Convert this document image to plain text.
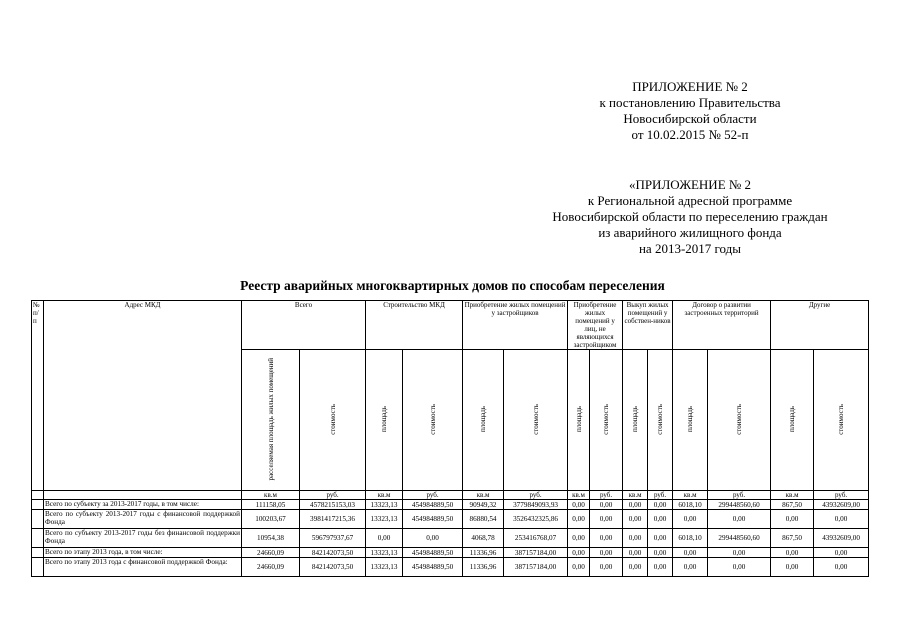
ПРИЛОЖЕНИЕ № 2
к постановлению Правительства
Новосибирской области
от 10.02.2015 № 52-п
«ПРИЛОЖЕНИЕ № 2
к Региональной адресной программе
Новосибирской области по переселению граждан
из аварийного жилищного фонда
на 2013-2017 годы
Реестр аварийных многоквартирных домов по способам переселения
№ п/п	Адрес МКД	Всего		Строительство МКД		Приобретение жилых помещений у застройщиков		Приобретение жилых помещений у лиц, не являющихся застройщиком		Выкуп жилых помещений у собствен-ников		Договор о развитии застроенных территорий		Другие	
		расселяемая площадь жилых помещений	стоимость	площадь	стоимость	площадь	стоимость	площадь	стоимость	площадь	стоимость	площадь	стоимость	площадь	стоимость
		кв.м	руб.	кв.м	руб.	кв.м	руб.	кв.м	руб.	кв.м	руб.	кв.м	руб.	кв.м	руб.
	Всего по субъекту за 2013-2017 годы, в том числе:	111158,05	4578215153,03	13323,13	454984889,50	90949,32	3779849093,93	0,00	0,00	0,00	0,00	6018,10	299448560,60	867,50	43932609,00
	Всего по субъекту 2013-2017 годы с финансовой поддержкой Фонда	100203,67	3981417215,36	13323,13	454984889,50	86880,54	3526432325,86	0,00	0,00	0,00	0,00	0,00	0,00	0,00	0,00
	Всего по субъекту 2013-2017 годы без финансовой поддержки Фонда	10954,38	596797937,67	0,00	0,00	4068,78	253416768,07	0,00	0,00	0,00	0,00	6018,10	299448560,60	867,50	43932609,00
	Всего по этапу 2013 года, в том числе:	24660,09	842142073,50	13323,13	454984889,50	11336,96	387157184,00	0,00	0,00	0,00	0,00	0,00	0,00	0,00	0,00
	Всего по этапу 2013 года с финансовой поддержкой Фонда:	24660,09	842142073,50	13323,13	454984889,50	11336,96	387157184,00	0,00	0,00	0,00	0,00	0,00	0,00	0,00	0,00
